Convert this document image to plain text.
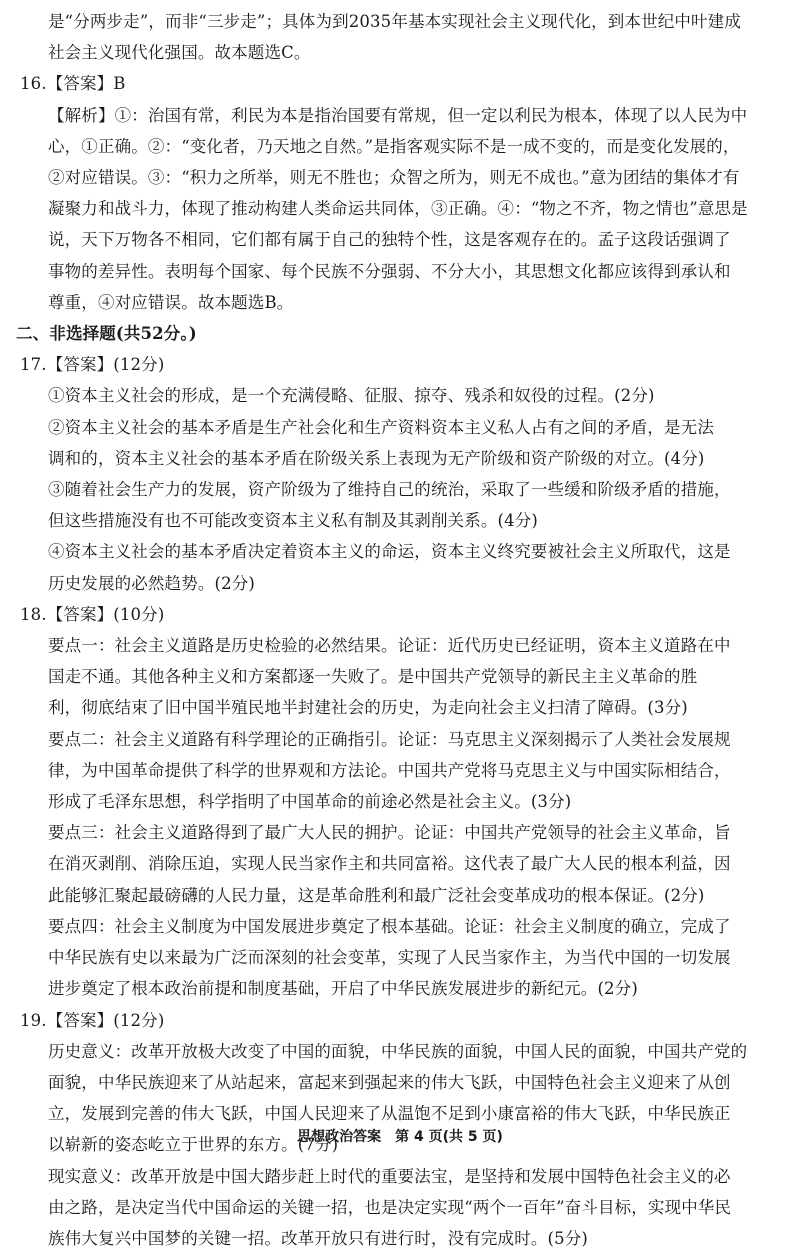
是“分两步走”，而非“三步走”；具体为到2035年基本实现社会主义现代化，到本世纪中叶建成
社会主义现代化强国。故本题选C。
16.【答案】B
【解析】①：治国有常，利民为本是指治国要有常规，但一定以利民为根本，体现了以人民为中
心，①正确。②：“变化者，乃天地之自然。”是指客观实际不是一成不变的，而是变化发展的，
②对应错误。③：“积力之所举，则无不胜也；众智之所为，则无不成也。”意为团结的集体才有
凝聚力和战斗力，体现了推动构建人类命运共同体，③正确。④：“物之不齐，物之情也”意思是
说，天下万物各不相同，它们都有属于自己的独特个性，这是客观存在的。孟子这段话强调了
事物的差异性。表明每个国家、每个民族不分强弱、不分大小，其思想文化都应该得到承认和
尊重，④对应错误。故本题选B。
二、非选择题(共52分。)
17.【答案】(12分)
①资本主义社会的形成，是一个充满侵略、征服、掠夺、残杀和奴役的过程。(2分)
②资本主义社会的基本矛盾是生产社会化和生产资料资本主义私人占有之间的矛盾，是无法
调和的，资本主义社会的基本矛盾在阶级关系上表现为无产阶级和资产阶级的对立。(4分)
③随着社会生产力的发展，资产阶级为了维持自己的统治，采取了一些缓和阶级矛盾的措施，
但这些措施没有也不可能改变资本主义私有制及其剥削关系。(4分)
④资本主义社会的基本矛盾决定着资本主义的命运，资本主义终究要被社会主义所取代，这是
历史发展的必然趋势。(2分)
18.【答案】(10分)
要点一：社会主义道路是历史检验的必然结果。论证：近代历史已经证明，资本主义道路在中
国走不通。其他各种主义和方案都逐一失败了。是中国共产党领导的新民主主义革命的胜
利，彻底结束了旧中国半殖民地半封建社会的历史，为走向社会主义扫清了障碍。(3分)
要点二：社会主义道路有科学理论的正确指引。论证：马克思主义深刻揭示了人类社会发展规
律，为中国革命提供了科学的世界观和方法论。中国共产党将马克思主义与中国实际相结合，
形成了毛泽东思想，科学指明了中国革命的前途必然是社会主义。(3分)
要点三：社会主义道路得到了最广大人民的拥护。论证：中国共产党领导的社会主义革命，旨
在消灭剥削、消除压迫，实现人民当家作主和共同富裕。这代表了最广大人民的根本利益，因
此能够汇聚起最磅礴的人民力量，这是革命胜利和最广泛社会变革成功的根本保证。(2分)
要点四：社会主义制度为中国发展进步奠定了根本基础。论证：社会主义制度的确立，完成了
中华民族有史以来最为广泛而深刻的社会变革，实现了人民当家作主，为当代中国的一切发展
进步奠定了根本政治前提和制度基础，开启了中华民族发展进步的新纪元。(2分)
19.【答案】(12分)
历史意义：改革开放极大改变了中国的面貌，中华民族的面貌，中国人民的面貌，中国共产党的
面貌，中华民族迎来了从站起来，富起来到强起来的伟大飞跃，中国特色社会主义迎来了从创
立，发展到完善的伟大飞跃，中国人民迎来了从温饱不足到小康富裕的伟大飞跃，中华民族正
以崭新的姿态屹立于世界的东方。(7分)
现实意义：改革开放是中国大踏步赶上时代的重要法宝，是坚持和发展中国特色社会主义的必
由之路，是决定当代中国命运的关键一招，也是决定实现“两个一百年”奋斗目标，实现中华民
族伟大复兴中国梦的关键一招。改革开放只有进行时，没有完成时。(5分)
思想政治答案　第 4 页(共 5 页)
